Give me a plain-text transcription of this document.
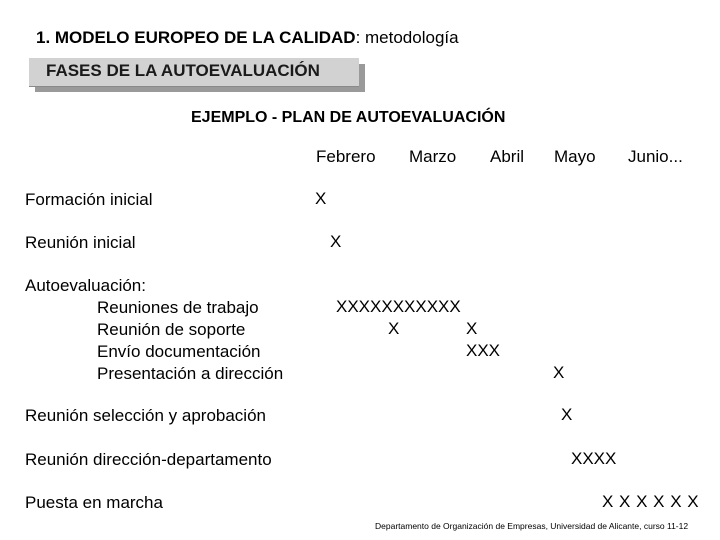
1. MODELO EUROPEO DE LA CALIDAD: metodología
FASES DE LA AUTOEVALUACIÓN
EJEMPLO - PLAN DE AUTOEVALUACIÓN
Febrero Marzo Abril Mayo Junio...
Formación inicial
Reunión inicial
Autoevaluación:
Reuniones de trabajo
Reunión de soporte
Envío documentación
Presentación a dirección
Reunión selección y aprobación
Reunión dirección-departamento
Puesta en marcha
X
X
XXXXXXXXXXX
X	X
XXX
X
X
XXXX
X X X X X X
Departamento de Organización de Empresas, Universidad de Alicante, curso 11-12
